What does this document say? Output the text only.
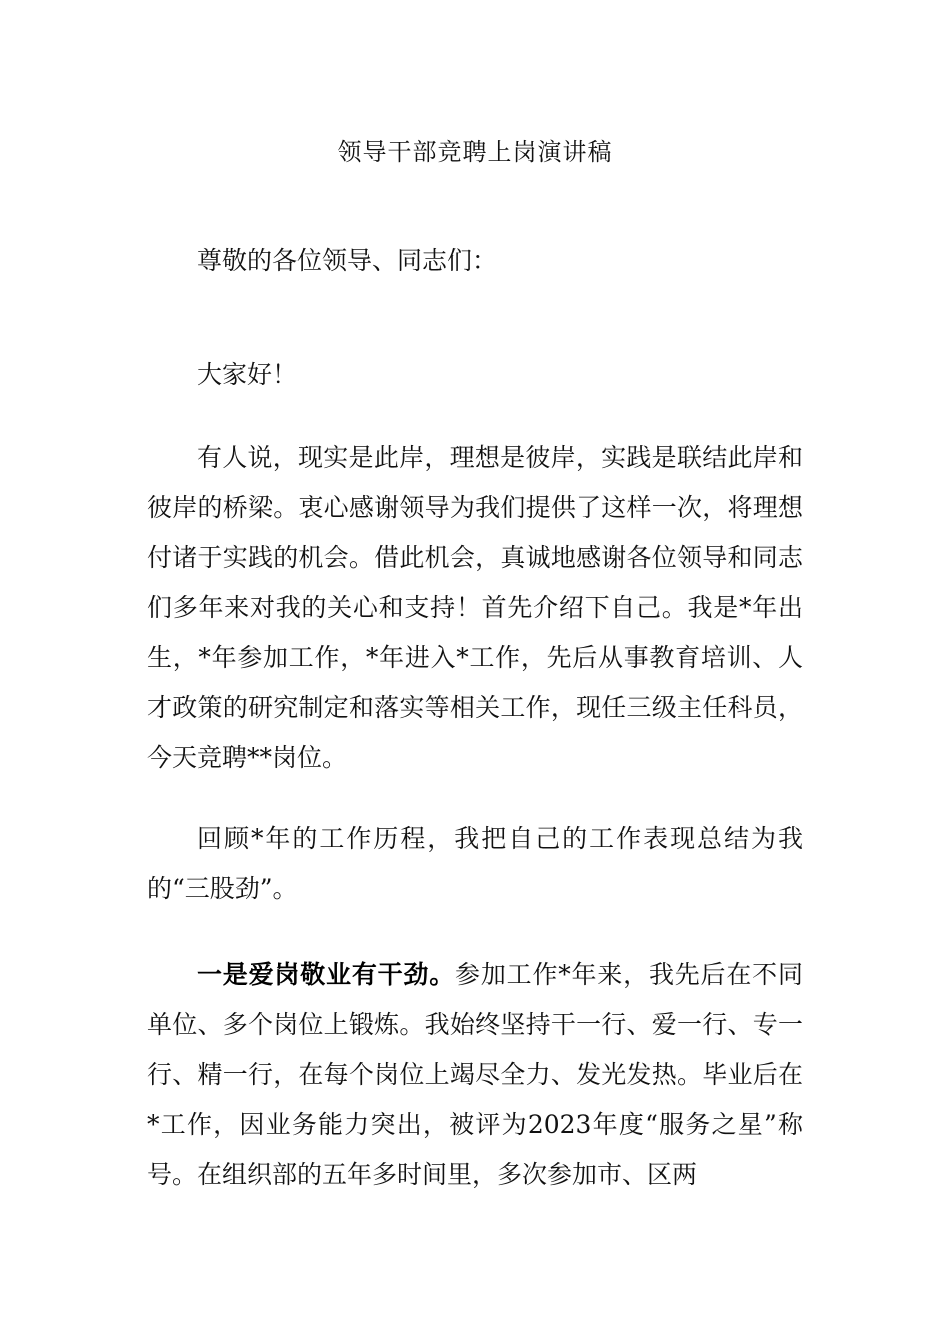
领导干部竞聘上岗演讲稿

尊敬的各位领导、同志们：

大家好！

有人说，现实是此岸，理想是彼岸，实践是联结此岸和彼岸的桥梁。衷心感谢领导为我们提供了这样一次，将理想付诸于实践的机会。借此机会，真诚地感谢各位领导和同志们多年来对我的关心和支持！首先介绍下自己。我是*年出生，*年参加工作，*年进入*工作，先后从事教育培训、人才政策的研究制定和落实等相关工作，现任三级主任科员，今天竞聘**岗位。

回顾*年的工作历程，我把自己的工作表现总结为我的“三股劲”。

一是爱岗敬业有干劲。参加工作*年来，我先后在不同单位、多个岗位上锻炼。我始终坚持干一行、爱一行、专一行、精一行，在每个岗位上竭尽全力、发光发热。毕业后在*工作，因业务能力突出，被评为2023年度“服务之星”称号。在组织部的五年多时间里，多次参加市、区两
